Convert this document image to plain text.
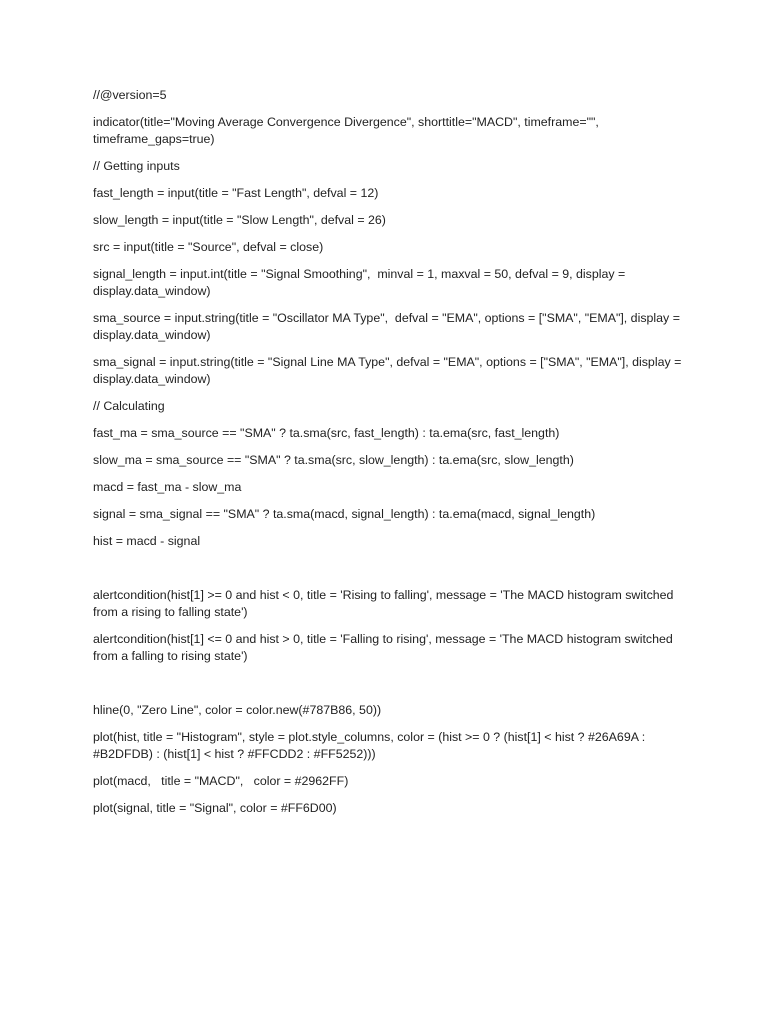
//@version=5

indicator(title="Moving Average Convergence Divergence", shorttitle="MACD", timeframe="", timeframe_gaps=true)

// Getting inputs

fast_length = input(title = "Fast Length", defval = 12)

slow_length = input(title = "Slow Length", defval = 26)

src = input(title = "Source", defval = close)

signal_length = input.int(title = "Signal Smoothing",  minval = 1, maxval = 50, defval = 9, display = display.data_window)

sma_source = input.string(title = "Oscillator MA Type",  defval = "EMA", options = ["SMA", "EMA"], display = display.data_window)

sma_signal = input.string(title = "Signal Line MA Type", defval = "EMA", options = ["SMA", "EMA"], display = display.data_window)

// Calculating

fast_ma = sma_source == "SMA" ? ta.sma(src, fast_length) : ta.ema(src, fast_length)

slow_ma = sma_source == "SMA" ? ta.sma(src, slow_length) : ta.ema(src, slow_length)

macd = fast_ma - slow_ma

signal = sma_signal == "SMA" ? ta.sma(macd, signal_length) : ta.ema(macd, signal_length)

hist = macd - signal

alertcondition(hist[1] >= 0 and hist < 0, title = 'Rising to falling', message = 'The MACD histogram switched from a rising to falling state')

alertcondition(hist[1] <= 0 and hist > 0, title = 'Falling to rising', message = 'The MACD histogram switched from a falling to rising state')

hline(0, "Zero Line", color = color.new(#787B86, 50))

plot(hist, title = "Histogram", style = plot.style_columns, color = (hist >= 0 ? (hist[1] < hist ? #26A69A : #B2DFDB) : (hist[1] < hist ? #FFCDD2 : #FF5252)))

plot(macd,   title = "MACD",   color = #2962FF)

plot(signal, title = "Signal", color = #FF6D00)
